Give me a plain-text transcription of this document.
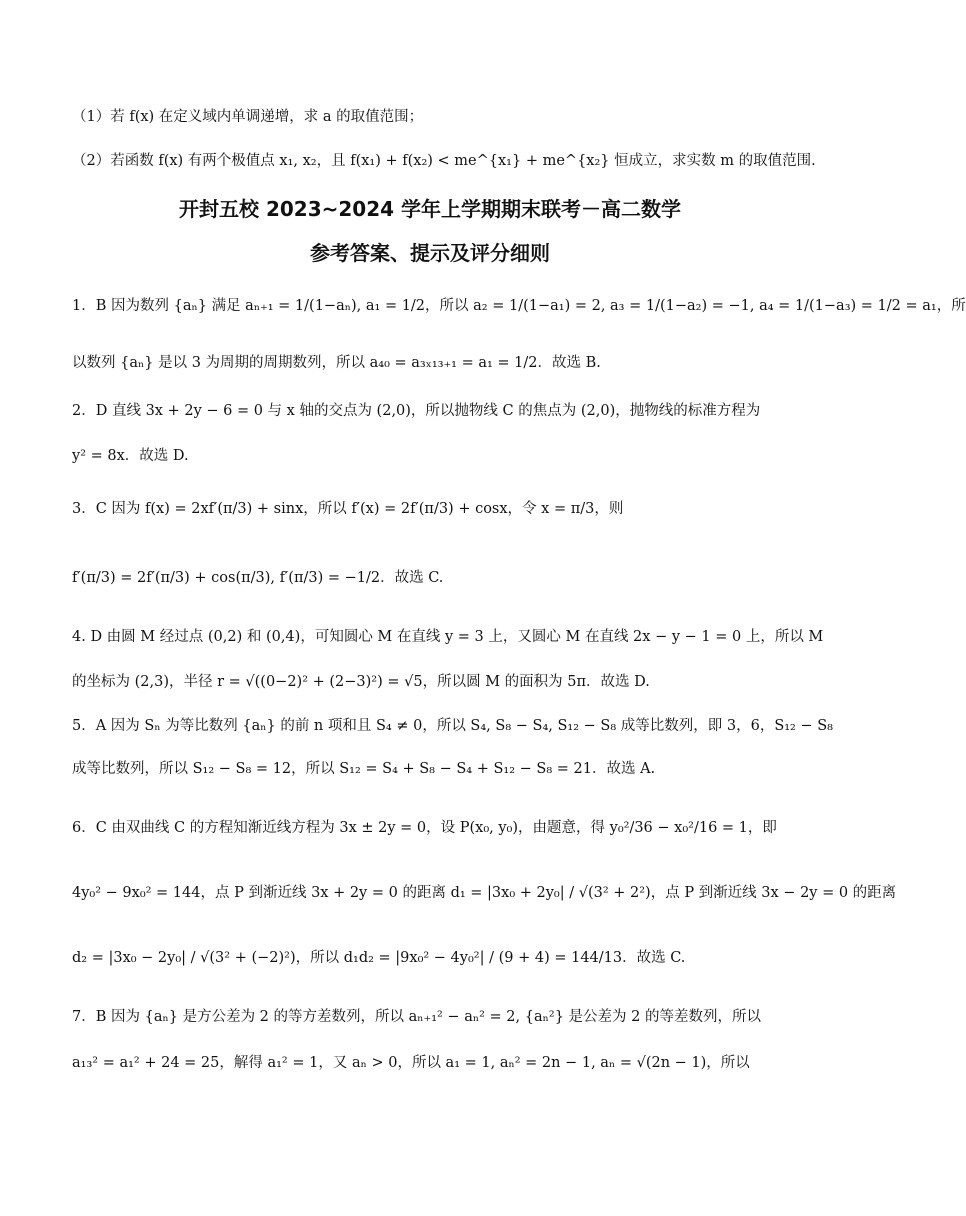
（1）若 f(x) 在定义域内单调递增，求 a 的取值范围；
（2）若函数 f(x) 有两个极值点 x₁, x₂，且 f(x₁) + f(x₂) < me^{x₁} + me^{x₂} 恒成立，求实数 m 的取值范围.
开封五校 2023~2024 学年上学期期末联考－高二数学
参考答案、提示及评分细则
1．B 因为数列 {aₙ} 满足 aₙ₊₁ = 1/(1−aₙ), a₁ = 1/2，所以 a₂ = 1/(1−a₁) = 2, a₃ = 1/(1−a₂) = −1, a₄ = 1/(1−a₃) = 1/2 = a₁，所
以数列 {aₙ} 是以 3 为周期的周期数列，所以 a₄₀ = a₃ₓ₁₃₊₁ = a₁ = 1/2．故选 B.
2．D 直线 3x + 2y − 6 = 0 与 x 轴的交点为 (2,0)，所以抛物线 C 的焦点为 (2,0)，抛物线的标准方程为
y² = 8x．故选 D.
3．C 因为 f(x) = 2xf′(π/3) + sinx，所以 f′(x) = 2f′(π/3) + cosx，令 x = π/3，则
f′(π/3) = 2f′(π/3) + cos(π/3), f′(π/3) = −1/2．故选 C.
4. D 由圆 M 经过点 (0,2) 和 (0,4)，可知圆心 M 在直线 y = 3 上，又圆心 M 在直线 2x − y − 1 = 0 上，所以 M
的坐标为 (2,3)，半径 r = √((0−2)² + (2−3)²) = √5，所以圆 M 的面积为 5π．故选 D.
5．A 因为 Sₙ 为等比数列 {aₙ} 的前 n 项和且 S₄ ≠ 0，所以 S₄, S₈ − S₄, S₁₂ − S₈ 成等比数列，即 3，6，S₁₂ − S₈
成等比数列，所以 S₁₂ − S₈ = 12，所以 S₁₂ = S₄ + S₈ − S₄ + S₁₂ − S₈ = 21．故选 A.
6．C 由双曲线 C 的方程知渐近线方程为 3x ± 2y = 0，设 P(x₀, y₀)，由题意，得 y₀²/36 − x₀²/16 = 1，即
4y₀² − 9x₀² = 144，点 P 到渐近线 3x + 2y = 0 的距离 d₁ = |3x₀ + 2y₀| / √(3² + 2²)，点 P 到渐近线 3x − 2y = 0 的距离
d₂ = |3x₀ − 2y₀| / √(3² + (−2)²)，所以 d₁d₂ = |9x₀² − 4y₀²| / (9 + 4) = 144/13．故选 C.
7．B 因为 {aₙ} 是方公差为 2 的等方差数列，所以 aₙ₊₁² − aₙ² = 2, {aₙ²} 是公差为 2 的等差数列，所以
a₁₃² = a₁² + 24 = 25，解得 a₁² = 1，又 aₙ > 0，所以 a₁ = 1, aₙ² = 2n − 1, aₙ = √(2n − 1)，所以
